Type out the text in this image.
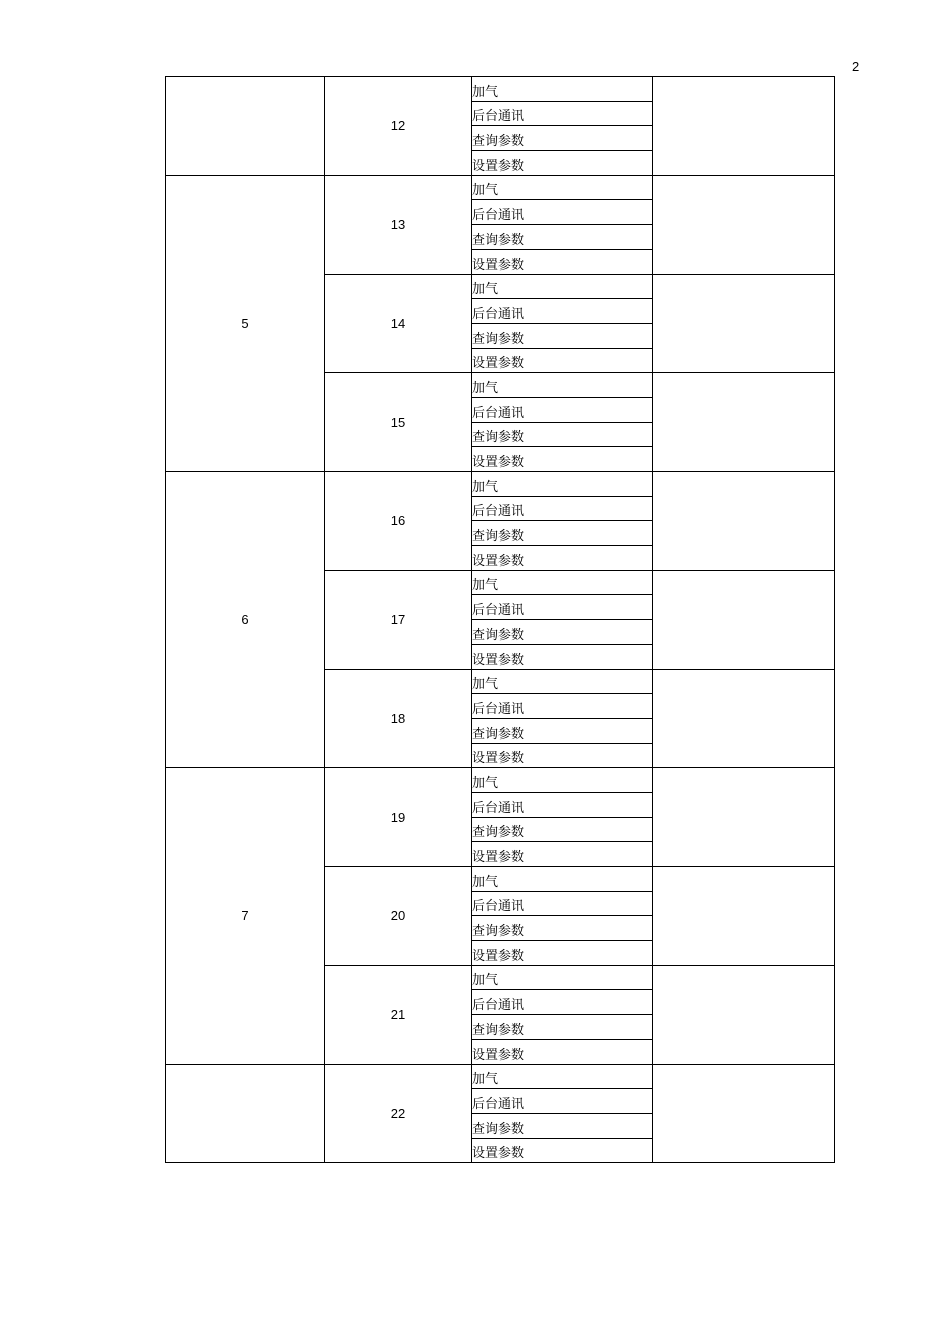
2
	12	加气	
		后台通讯	
		查询参数	
		设置参数	
5	13	加气	
		后台通讯	
		查询参数	
		设置参数	
	14	加气	
		后台通讯	
		查询参数	
		设置参数	
	15	加气	
		后台通讯	
		查询参数	
		设置参数	
6	16	加气	
		后台通讯	
		查询参数	
		设置参数	
	17	加气	
		后台通讯	
		查询参数	
		设置参数	
	18	加气	
		后台通讯	
		查询参数	
		设置参数	
7	19	加气	
		后台通讯	
		查询参数	
		设置参数	
	20	加气	
		后台通讯	
		查询参数	
		设置参数	
	21	加气	
		后台通讯	
		查询参数	
		设置参数	
	22	加气	
		后台通讯	
		查询参数	
		设置参数	
